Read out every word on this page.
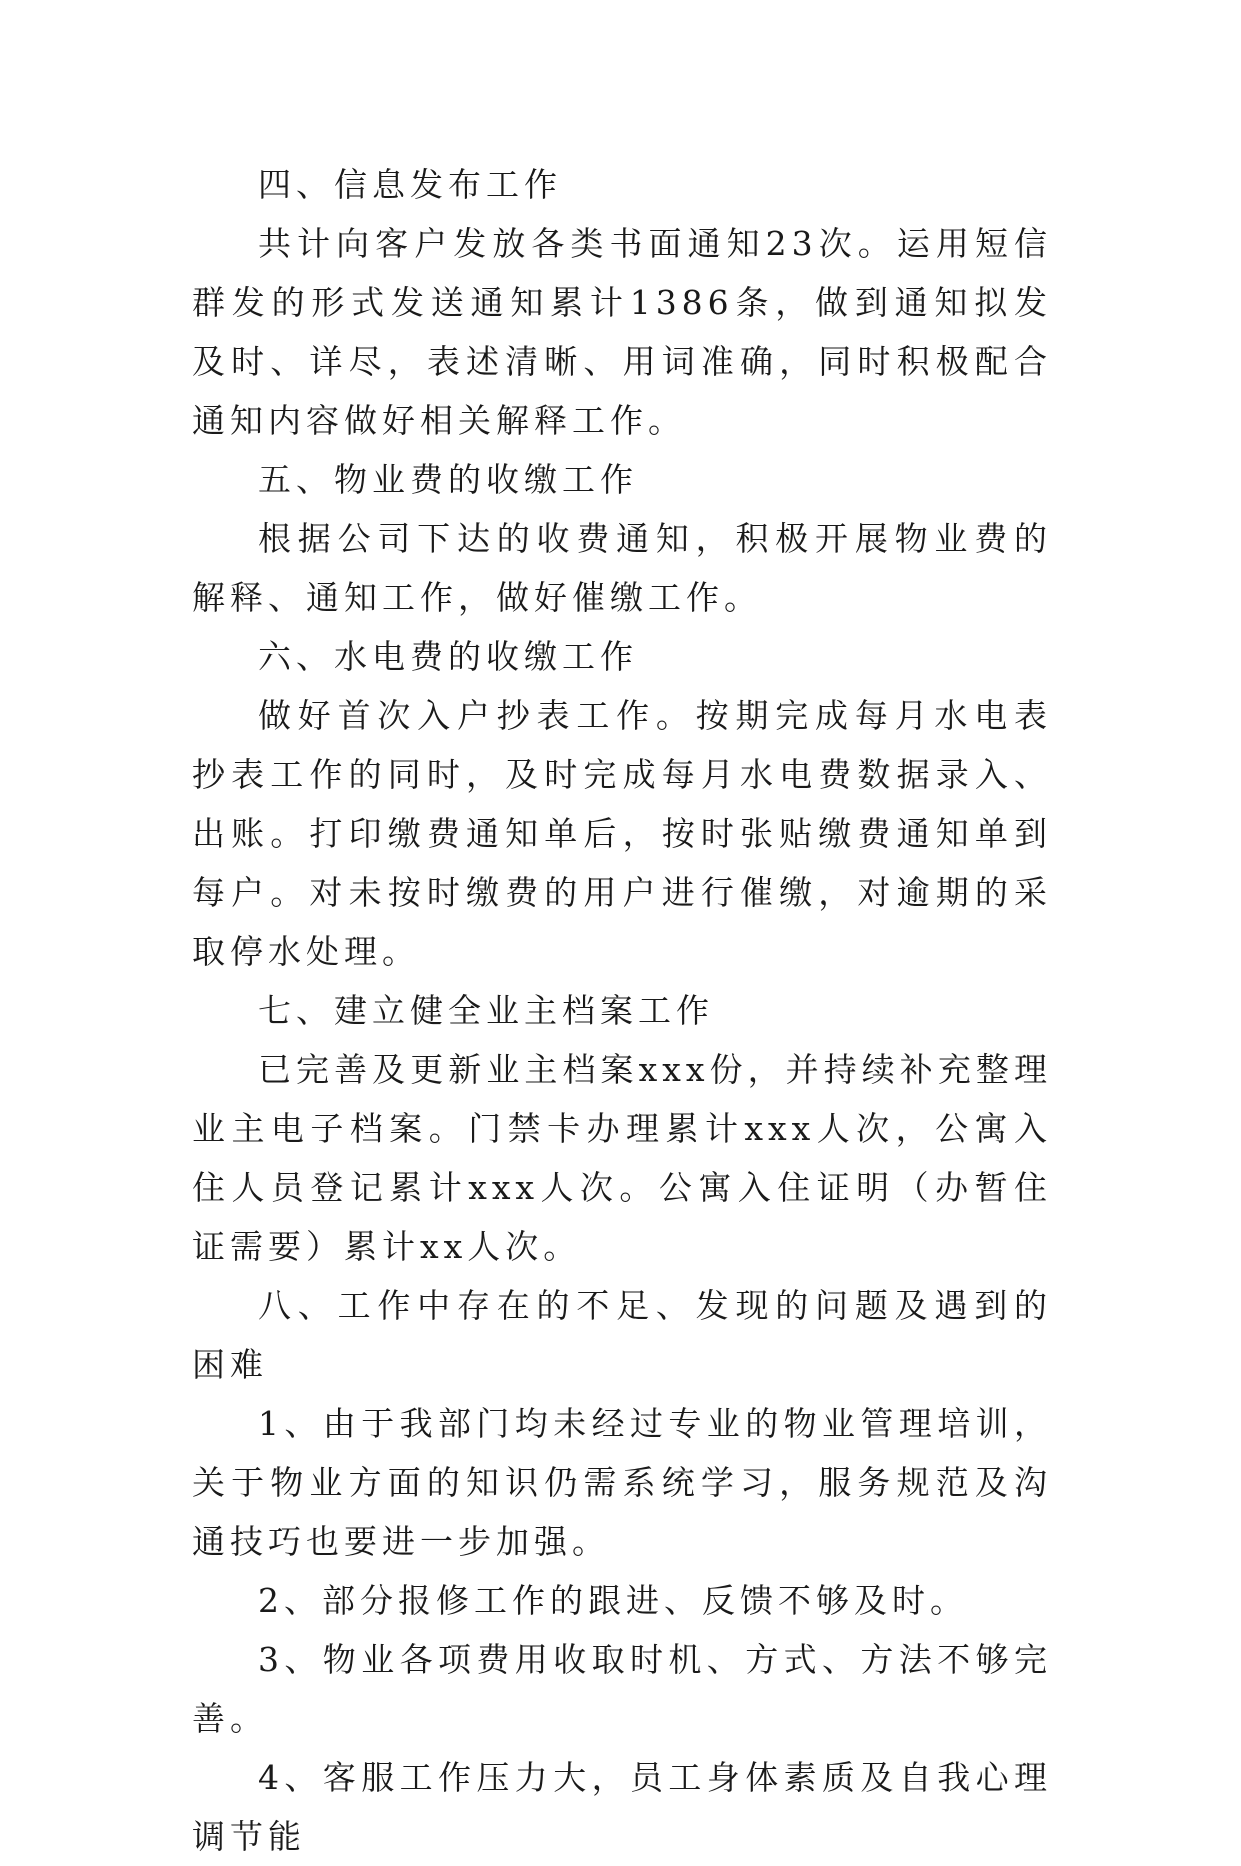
四、信息发布工作

共计向客户发放各类书面通知23次。运用短信群发的形式发送通知累计1386条，做到通知拟发及时、详尽，表述清晰、用词准确，同时积极配合通知内容做好相关解释工作。

五、物业费的收缴工作

根据公司下达的收费通知，积极开展物业费的解释、通知工作，做好催缴工作。

六、水电费的收缴工作

做好首次入户抄表工作。按期完成每月水电表抄表工作的同时，及时完成每月水电费数据录入、出账。打印缴费通知单后，按时张贴缴费通知单到每户。对未按时缴费的用户进行催缴，对逾期的采取停水处理。

七、建立健全业主档案工作

已完善及更新业主档案xxx份，并持续补充整理业主电子档案。门禁卡办理累计xxx人次，公寓入住人员登记累计xxx人次。公寓入住证明（办暂住证需要）累计xx人次。

八、工作中存在的不足、发现的问题及遇到的困难

1、由于我部门均未经过专业的物业管理培训，关于物业方面的知识仍需系统学习，服务规范及沟通技巧也要进一步加强。

2、部分报修工作的跟进、反馈不够及时。

3、物业各项费用收取时机、方式、方法不够完善。

4、客服工作压力大，员工身体素质及自我心理调节能
